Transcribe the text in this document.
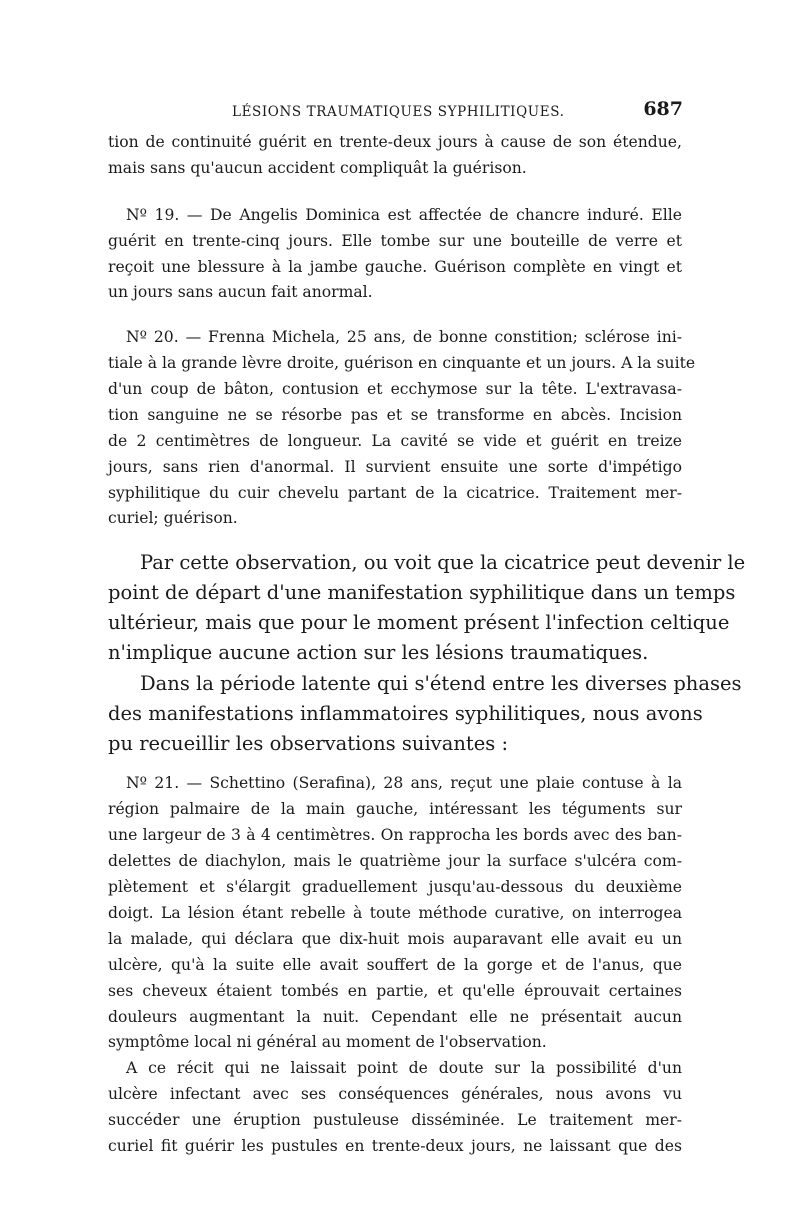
LÉSIONS TRAUMATIQUES SYPHILITIQUES.	687
tion de continuité guérit en trente-deux jours à cause de son étendue,
mais sans qu'aucun accident compliquât la guérison.
Nº 19. — De Angelis Dominica est affectée de chancre induré. Elle
guérit en trente-cinq jours. Elle tombe sur une bouteille de verre et
reçoit une blessure à la jambe gauche. Guérison complète en vingt et
un jours sans aucun fait anormal.
Nº 20. — Frenna Michela, 25 ans, de bonne constition; sclérose ini-
tiale à la grande lèvre droite, guérison en cinquante et un jours. A la suite
d'un coup de bâton, contusion et ecchymose sur la tête. L'extravasa-
tion sanguine ne se résorbe pas et se transforme en abcès. Incision
de 2 centimètres de longueur. La cavité se vide et guérit en treize
jours, sans rien d'anormal. Il survient ensuite une sorte d'impétigo
syphilitique du cuir chevelu partant de la cicatrice. Traitement mer-
curiel; guérison.
Par cette observation, ou voit que la cicatrice peut devenir le
point de départ d'une manifestation syphilitique dans un temps
ultérieur, mais que pour le moment présent l'infection celtique
n'implique aucune action sur les lésions traumatiques.
Dans la période latente qui s'étend entre les diverses phases
des manifestations inflammatoires syphilitiques, nous avons
pu recueillir les observations suivantes :
Nº 21. — Schettino (Serafina), 28 ans, reçut une plaie contuse à la
région palmaire de la main gauche, intéressant les téguments sur
une largeur de 3 à 4 centimètres. On rapprocha les bords avec des ban-
delettes de diachylon, mais le quatrième jour la surface s'ulcéra com-
plètement et s'élargit graduellement jusqu'au-dessous du deuxième
doigt. La lésion étant rebelle à toute méthode curative, on interrogea
la malade, qui déclara que dix-huit mois auparavant elle avait eu un
ulcère, qu'à la suite elle avait souffert de la gorge et de l'anus, que
ses cheveux étaient tombés en partie, et qu'elle éprouvait certaines
douleurs augmentant la nuit. Cependant elle ne présentait aucun
symptôme local ni général au moment de l'observation.
A ce récit qui ne laissait point de doute sur la possibilité d'un
ulcère infectant avec ses conséquences générales, nous avons vu
succéder une éruption pustuleuse disséminée. Le traitement mer-
curiel fit guérir les pustules en trente-deux jours, ne laissant que des
